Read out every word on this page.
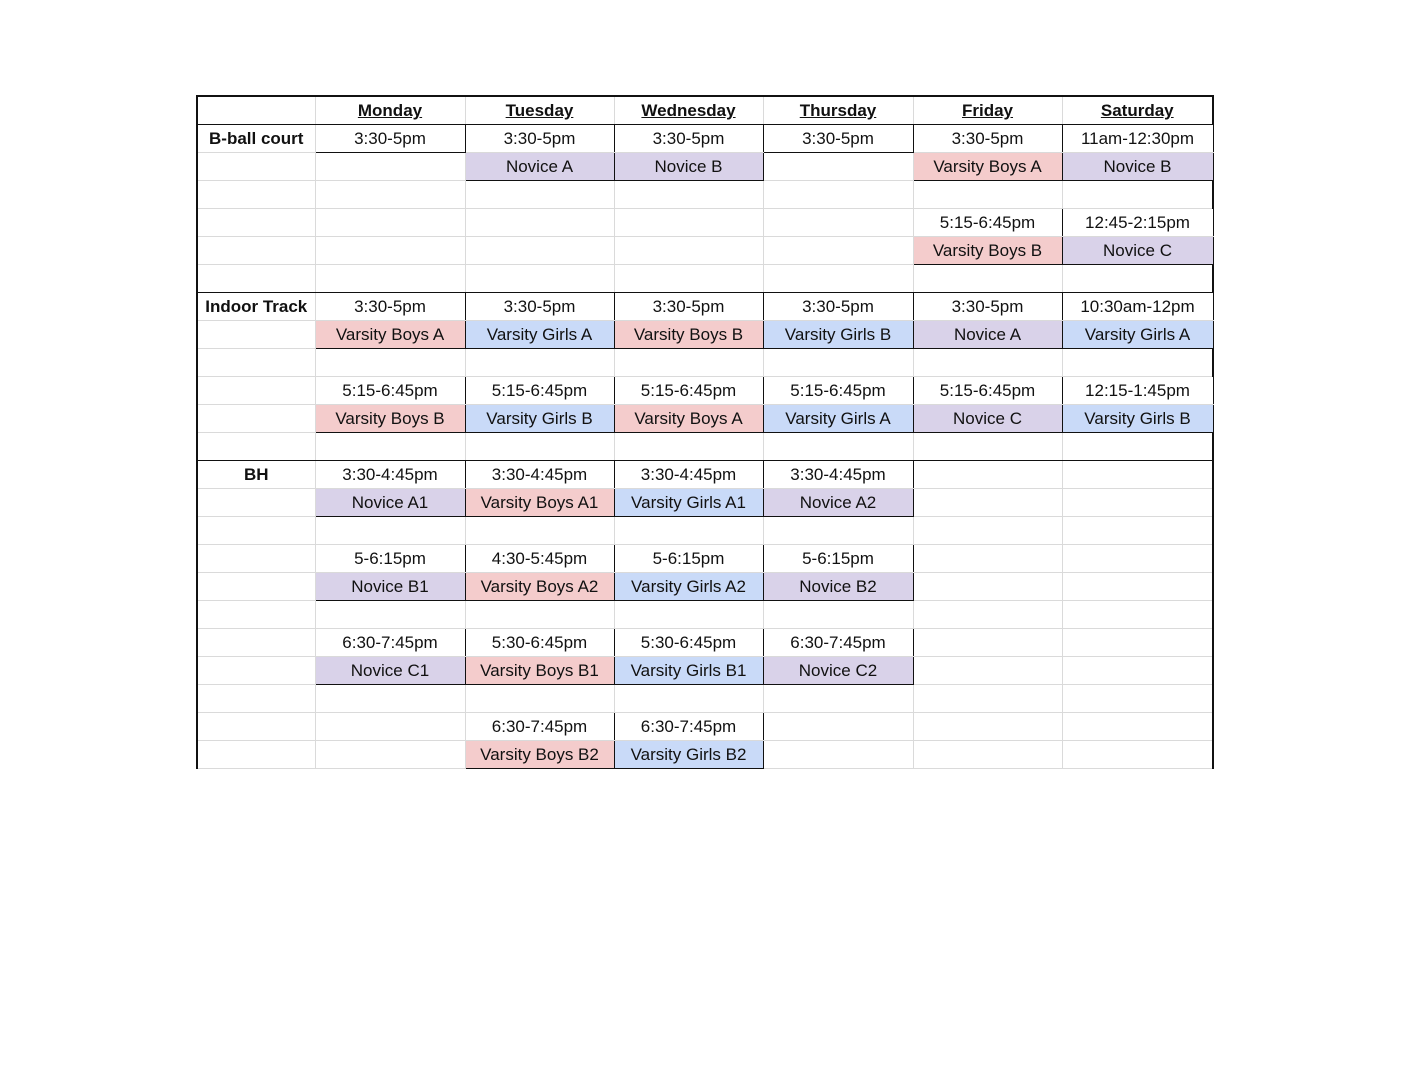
	Monday	Tuesday	Wednesday	Thursday	Friday	Saturday
B-ball court	3:30-5pm	3:30-5pm	3:30-5pm	3:30-5pm	3:30-5pm	11am-12:30pm
		Novice A	Novice B		Varsity Boys A	Novice B

					5:15-6:45pm	12:45-2:15pm
					Varsity Boys B	Novice C

Indoor Track	3:30-5pm	3:30-5pm	3:30-5pm	3:30-5pm	3:30-5pm	10:30am-12pm
	Varsity Boys A	Varsity Girls A	Varsity Boys B	Varsity Girls B	Novice A	Varsity Girls A

	5:15-6:45pm	5:15-6:45pm	5:15-6:45pm	5:15-6:45pm	5:15-6:45pm	12:15-1:45pm
	Varsity Boys B	Varsity Girls B	Varsity Boys A	Varsity Girls A	Novice C	Varsity Girls B

BH	3:30-4:45pm	3:30-4:45pm	3:30-4:45pm	3:30-4:45pm		
	Novice A1	Varsity Boys A1	Varsity Girls A1	Novice A2		

	5-6:15pm	4:30-5:45pm	5-6:15pm	5-6:15pm		
	Novice B1	Varsity Boys A2	Varsity Girls A2	Novice B2		

	6:30-7:45pm	5:30-6:45pm	5:30-6:45pm	6:30-7:45pm		
	Novice C1	Varsity Boys B1	Varsity Girls B1	Novice C2		

		6:30-7:45pm	6:30-7:45pm			
		Varsity Boys B2	Varsity Girls B2			
